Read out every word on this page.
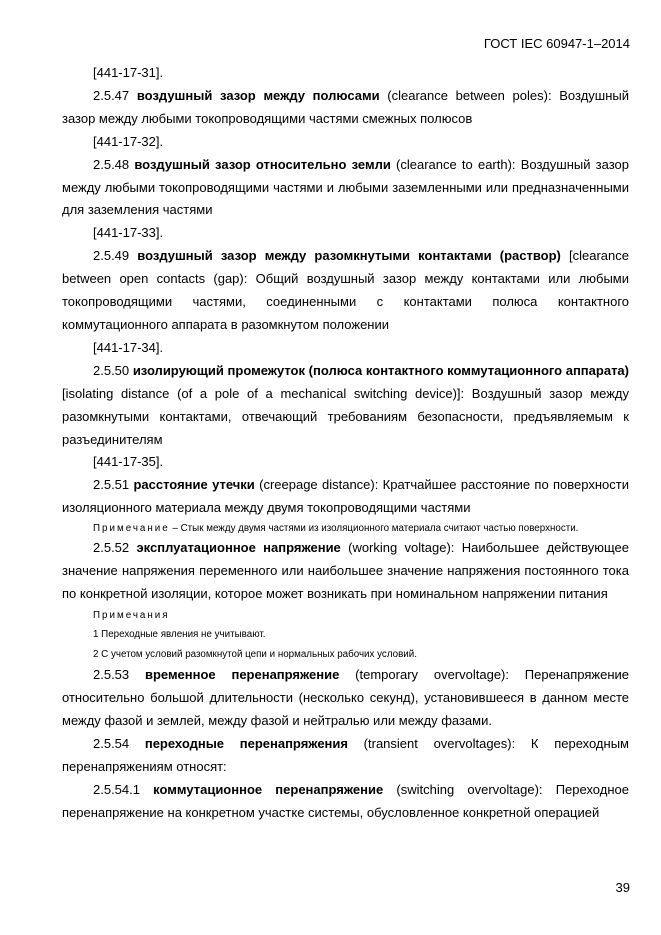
ГОСТ IEC 60947-1–2014

[441-17-31].

2.5.47 воздушный зазор между полюсами (clearance between poles): Воздушный зазор между любыми токопроводящими частями смежных полюсов

[441-17-32].

2.5.48 воздушный зазор относительно земли (clearance to earth): Воздушный зазор между любыми токопроводящими частями и любыми заземленными или предназначенными для заземления частями

[441-17-33].

2.5.49 воздушный зазор между разомкнутыми контактами (раствор) [clearance between open contacts (gap): Общий воздушный зазор между контактами или любыми токопроводящими частями, соединенными с контактами полюса контактного коммутационного аппарата в разомкнутом положении

[441-17-34].

2.5.50 изолирующий промежуток (полюса контактного коммутационного аппарата) [isolating distance (of a pole of a mechanical switching device)]: Воздушный зазор между разомкнутыми контактами, отвечающий требованиям безопасности, предъявляемым к разъединителям

[441-17-35].

2.5.51 расстояние утечки (creepage distance): Кратчайшее расстояние по поверхности изоляционного материала между двумя токопроводящими частями

Примечание – Стык между двумя частями из изоляционного материала считают частью поверхности.

2.5.52 эксплуатационное напряжение (working voltage): Наибольшее действующее значение напряжения переменного или наибольшее значение напряжения постоянного тока по конкретной изоляции, которое может возникать при номинальном напряжении питания

Примечания

1 Переходные явления не учитывают.

2 С учетом условий разомкнутой цепи и нормальных рабочих условий.

2.5.53 временное перенапряжение (temporary overvoltage): Перенапряжение относительно большой длительности (несколько секунд), установившееся в данном месте между фазой и землей, между фазой и нейтралью или между фазами.

2.5.54 переходные перенапряжения (transient overvoltages): К переходным перенапряжениям относят:

2.5.54.1 коммутационное перенапряжение (switching overvoltage): Переходное перенапряжение на конкретном участке системы, обусловленное конкретной операцией

39
